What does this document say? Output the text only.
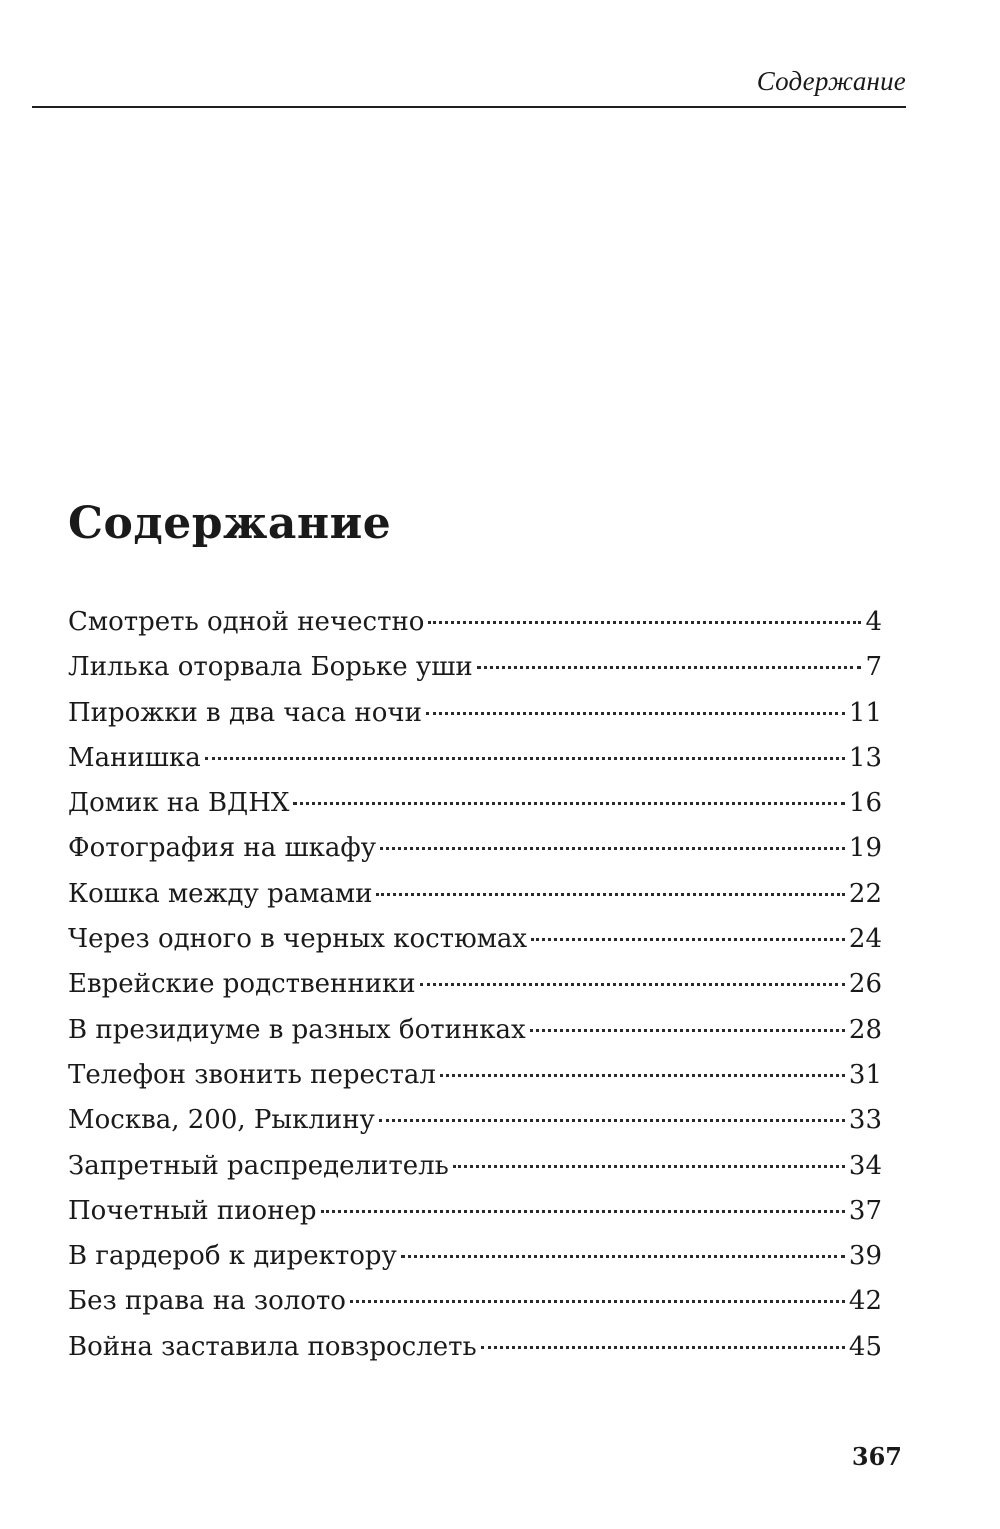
Содержание
Содержание
Смотреть одной нечестно	4
Лилька оторвала Борьке уши	7
Пирожки в два часа ночи	11
Манишка	13
Домик на ВДНХ	16
Фотография на шкафу	19
Кошка между рамами	22
Через одного в черных костюмах	24
Еврейские родственники	26
В президиуме в разных ботинках	28
Телефон звонить перестал	31
Москва, 200, Рыклину	33
Запретный распределитель	34
Почетный пионер	37
В гардероб к директору	39
Без права на золото	42
Война заставила повзрослеть	45
367
